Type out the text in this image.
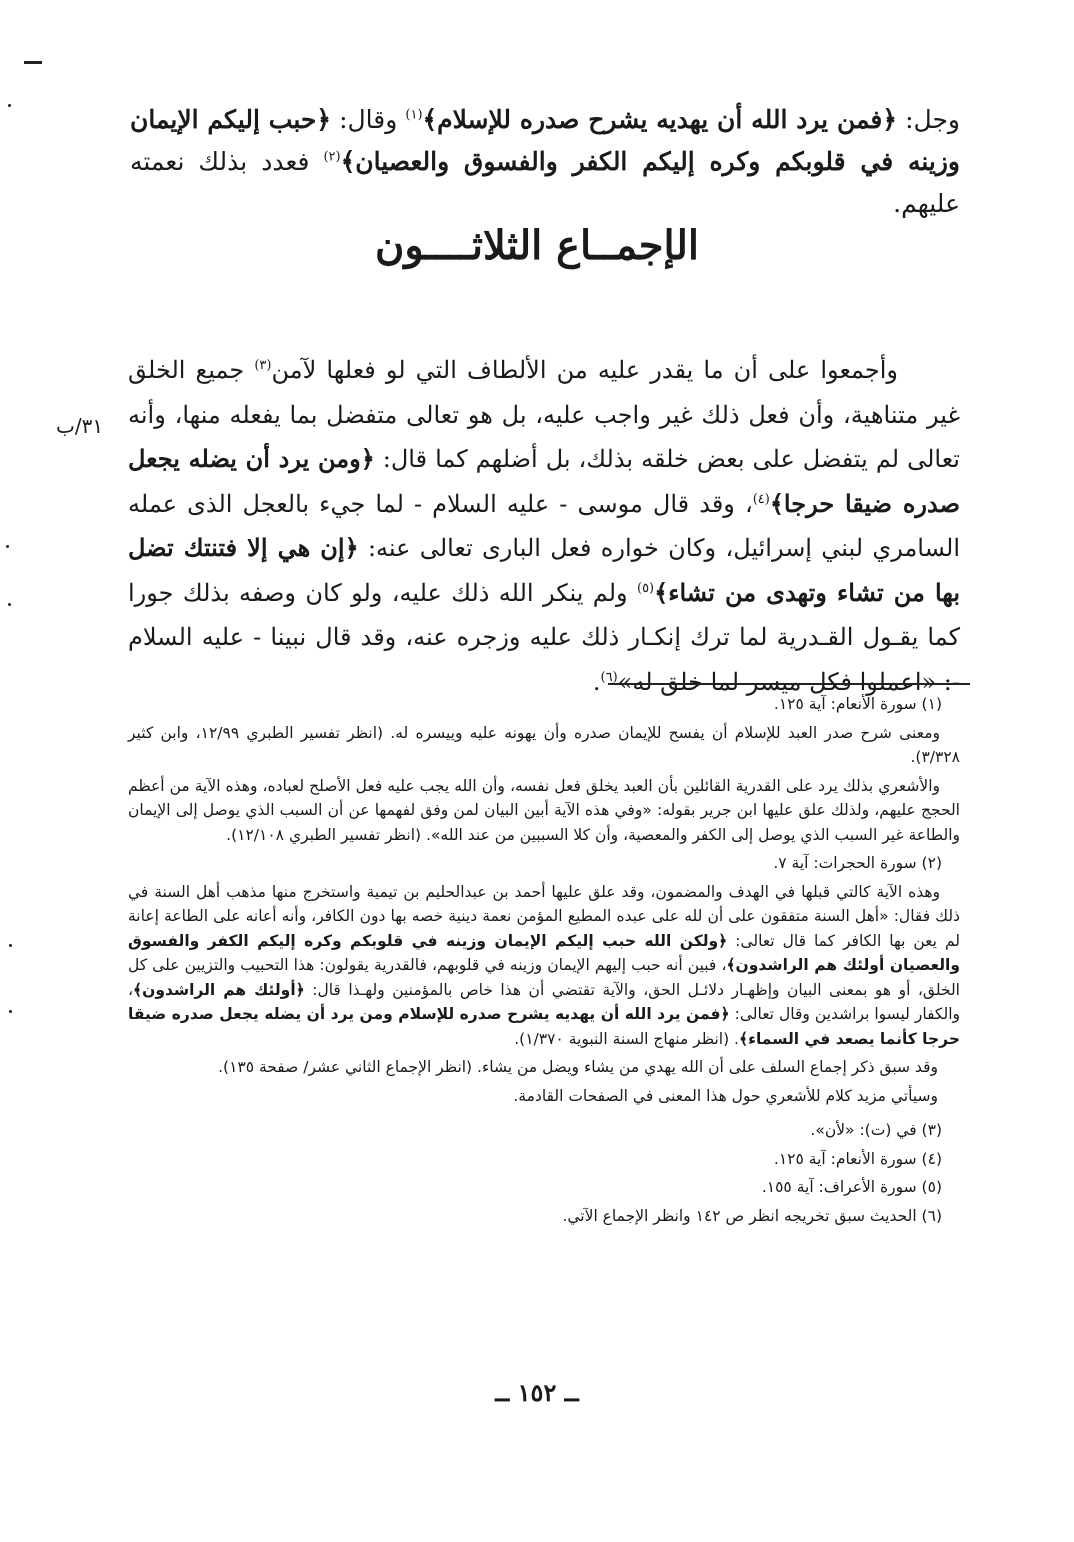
وجل: ﴿فمن يرد الله أن يهديه يشرح صدره للإسلام﴾$^{(١)}$ وقال: ﴿حبب إليكم الإيمان وزينه في قلوبكم وكره إليكم الكفر والفسوق والعصيان﴾$^{(٢)}$ فعدد بذلك نعمته عليهم.

الإجمــاع الثلاثــــون

وأجمعوا على أن ما يقدر عليه من الألطاف التي لو فعلها لآمن$^{(٣)}$ جميع الخلق غير متناهية، وأن فعل ذلك غير واجب عليه، بل هو تعالى متفضل بما يفعله منها، وأنه تعالى لم يتفضل على بعض خلقه بذلك، بل أضلهم كما قال: ﴿ومن يرد أن يضله يجعل صدره ضيقا حرجا﴾$^{(٤)}$، وقد قال موسى - عليه السلام - لما جيء بالعجل الذى عمله السامري لبني إسرائيل، وكان خواره فعل البارى تعالى عنه: ﴿إن هي إلا فتنتك تضل بها من تشاء وتهدى من تشاء﴾$^{(٥)}$ ولم ينكر الله ذلك عليه، ولو كان وصفه بذلك جورا كما يقـول القـدرية لما ترك إنكـار ذلك عليه وزجره عنه، وقد قال نبينا - عليه السلام -: «اعملوا فكل ميسر لما خلق له»$^{(٦)}$.

٣١/ب

(١) سورة الأنعام: آية ١٢٥.

ومعنى شرح صدر العبد للإسلام أن يفسح للإيمان صدره وأن يهونه عليه وييسره له. (انظر تفسير الطبري ١٢/٩٩، وابن كثير ٣/٣٢٨).

والأشعري بذلك يرد على القدرية القائلين بأن العبد يخلق فعل نفسه، وأن الله يجب عليه فعل الأصلح لعباده، وهذه الآية من أعظم الحجج عليهم، ولذلك علق عليها ابن جرير بقوله: «وفي هذه الآية أبين البيان لمن وفق لفهمها عن أن السبب الذي يوصل إلى الإيمان والطاعة غير السبب الذي يوصل إلى الكفر والمعصية، وأن كلا السببين من عند الله». (انظر تفسير الطبري ١٢/١٠٨).

(٢) سورة الحجرات: آية ٧.

وهذه الآية كالتي قبلها في الهدف والمضمون، وقد علق عليها أحمد بن عبدالحليم بن تيمية واستخرج منها مذهب أهل السنة في ذلك فقال: «أهل السنة متفقون على أن لله على عبده المطيع المؤمن نعمة دينية خصه بها دون الكافر، وأنه أعانه على الطاعة إعانة لم يعن بها الكافر كما قال تعالى: ﴿ولكن الله حبب إليكم الإيمان وزينه في قلوبكم وكره إليكم الكفر والفسوق والعصيان أولئك هم الراشدون﴾، فبين أنه حبب إليهم الإيمان وزينه في قلوبهم، فالقدرية يقولون: هذا التحبيب والتزيين على كل الخلق، أو هو بمعنى البيان وإظهـار دلائـل الحق، والآية تقتضي أن هذا خاص بالمؤمنين ولهـذا قال: ﴿أولئك هم الراشدون﴾، والكفار ليسوا براشدين وقال تعالى: ﴿فمن يرد الله أن يهديه يشرح صدره للإسلام ومن يرد أن يضله يجعل صدره ضيقا حرجا كأنما يصعد في السماء﴾. (انظر منهاج السنة النبوية ١/٣٧٠).

وقد سبق ذكر إجماع السلف على أن الله يهدي من يشاء ويضل من يشاء. (انظر الإجماع الثاني عشر/ صفحة ١٣٥).

وسيأتي مزيد كلام للأشعري حول هذا المعنى في الصفحات القادمة.

(٣) في (ت): «لأن».

(٤) سورة الأنعام: آية ١٢٥.

(٥) سورة الأعراف: آية ١٥٥.

(٦) الحديث سبق تخريجه انظر ص ١٤٢ وانظر الإجماع الآتي.

ــ ١٥٢ ــ
